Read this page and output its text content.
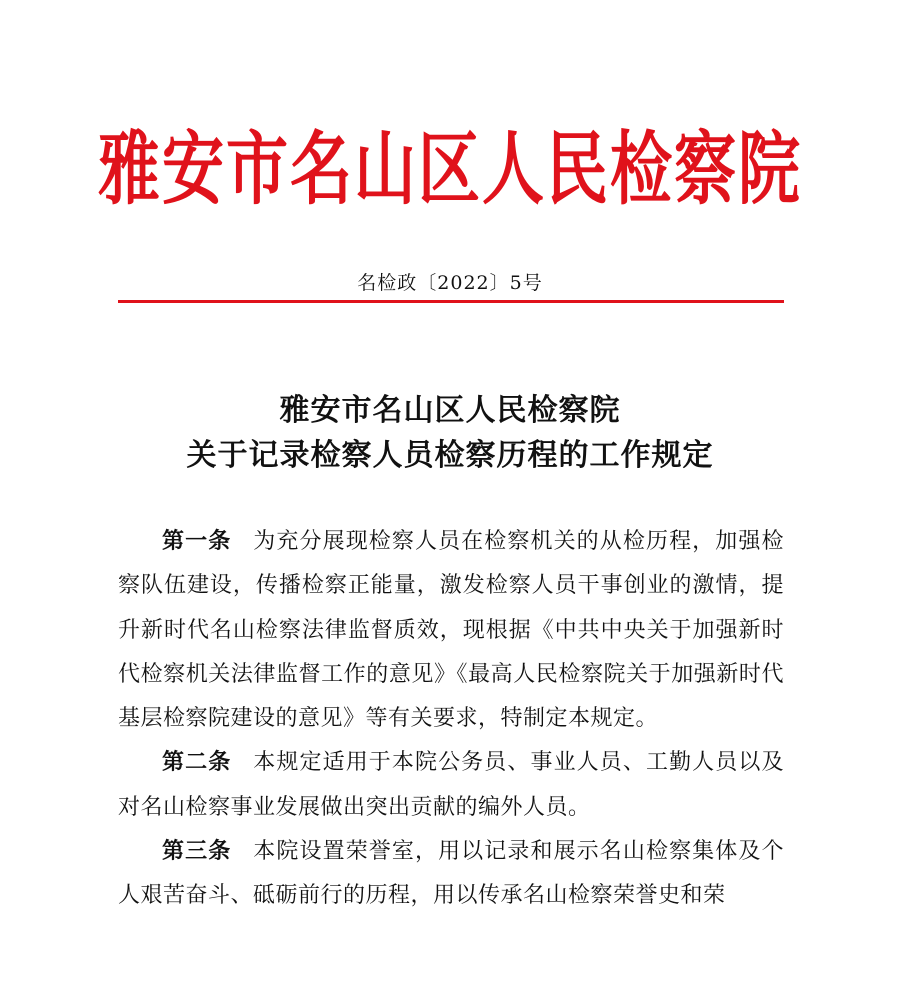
雅安市名山区人民检察院
名检政〔2022〕5号
雅安市名山区人民检察院
关于记录检察人员检察历程的工作规定

第一条 为充分展现检察人员在检察机关的从检历程，加强检察队伍建设，传播检察正能量，激发检察人员干事创业的激情，提升新时代名山检察法律监督质效，现根据《中共中央关于加强新时代检察机关法律监督工作的意见》《最高人民检察院关于加强新时代基层检察院建设的意见》等有关要求，特制定本规定。

第二条 本规定适用于本院公务员、事业人员、工勤人员以及对名山检察事业发展做出突出贡献的编外人员。

第三条 本院设置荣誉室，用以记录和展示名山检察集体及个人艰苦奋斗、砥砺前行的历程，用以传承名山检察荣誉史和荣
